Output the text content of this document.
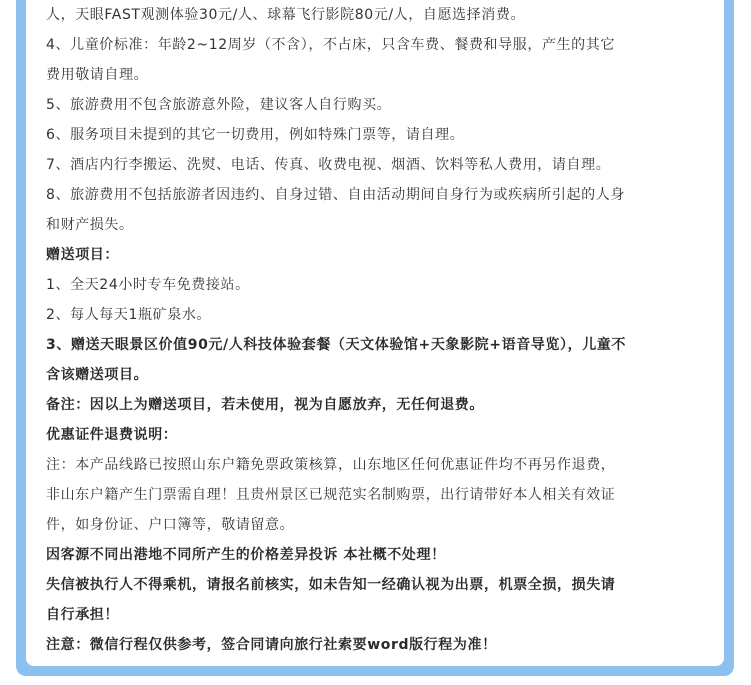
人，天眼FAST观测体验30元/人、球幕飞行影院80元/人，自愿选择消费。
4、儿童价标准：年龄2~12周岁（不含），不占床，只含车费、餐费和导服，产生的其它
费用敬请自理。
5、旅游费用不包含旅游意外险，建议客人自行购买。
6、服务项目未提到的其它一切费用，例如特殊门票等，请自理。
7、酒店内行李搬运、洗熨、电话、传真、收费电视、烟酒、饮料等私人费用，请自理。
8、旅游费用不包括旅游者因违约、自身过错、自由活动期间自身行为或疾病所引起的人身
和财产损失。
赠送项目：
1、全天24小时专车免费接站。
2、每人每天1瓶矿泉水。
3、赠送天眼景区价值90元/人科技体验套餐（天文体验馆+天象影院+语音导览），儿童不
含该赠送项目。
备注：因以上为赠送项目，若未使用，视为自愿放弃，无任何退费。
优惠证件退费说明：
注：本产品线路已按照山东户籍免票政策核算，山东地区任何优惠证件均不再另作退费，
非山东户籍产生门票需自理！且贵州景区已规范实名制购票，出行请带好本人相关有效证
件，如身份证、户口簿等，敬请留意。
因客源不同出港地不同所产生的价格差异投诉 本社概不处理！
失信被执行人不得乘机，请报名前核实，如未告知一经确认视为出票，机票全损，损失请
自行承担！
注意：微信行程仅供参考，签合同请向旅行社索要word版行程为准！
